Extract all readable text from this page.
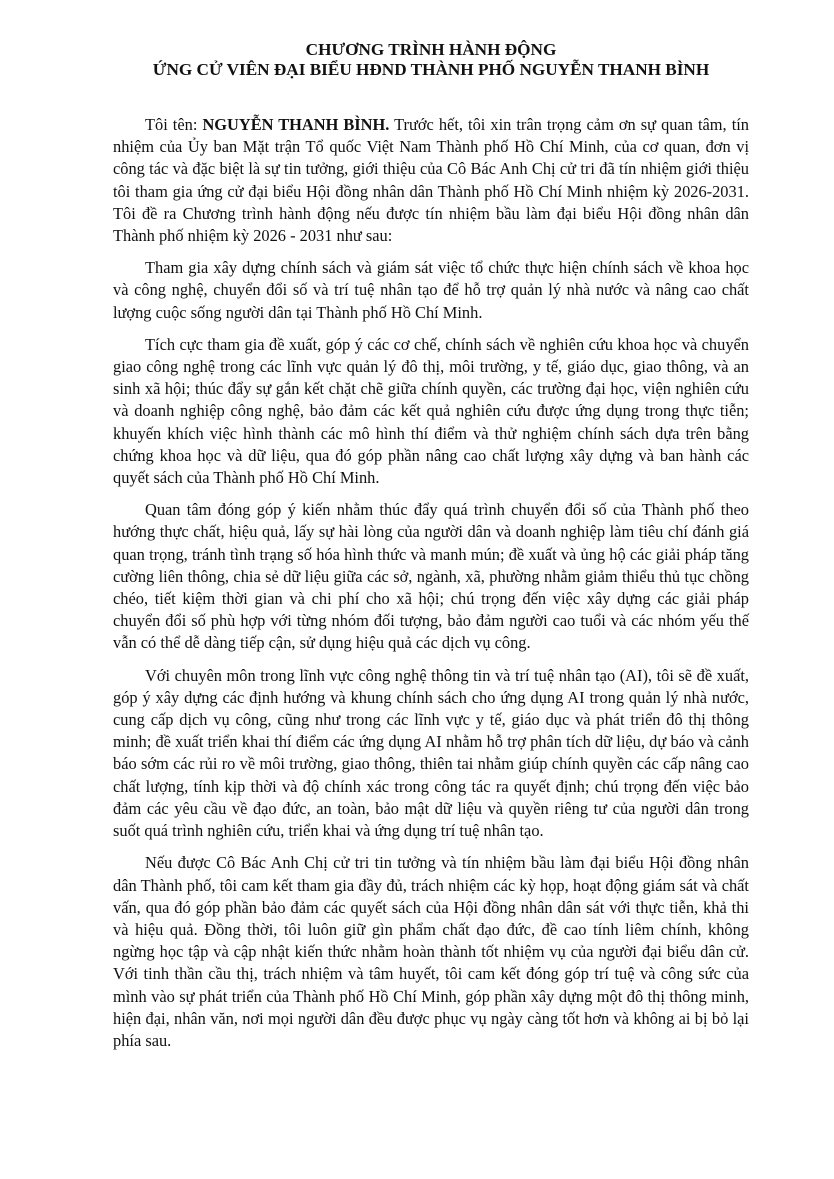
CHƯƠNG TRÌNH HÀNH ĐỘNG

ỨNG CỬ VIÊN ĐẠI BIỂU HĐND THÀNH PHỐ NGUYỄN THANH BÌNH

Tôi tên: NGUYỄN THANH BÌNH. Trước hết, tôi xin trân trọng cảm ơn sự quan tâm, tín nhiệm của Ủy ban Mặt trận Tổ quốc Việt Nam Thành phố Hồ Chí Minh, của cơ quan, đơn vị công tác và đặc biệt là sự tin tưởng, giới thiệu của Cô Bác Anh Chị cử tri đã tín nhiệm giới thiệu tôi tham gia ứng cử đại biểu Hội đồng nhân dân Thành phố Hồ Chí Minh nhiệm kỳ 2026-2031. Tôi đề ra Chương trình hành động nếu được tín nhiệm bầu làm đại biểu Hội đồng nhân dân Thành phố nhiệm kỳ 2026 - 2031 như sau:

Tham gia xây dựng chính sách và giám sát việc tổ chức thực hiện chính sách về khoa học và công nghệ, chuyển đổi số và trí tuệ nhân tạo để hỗ trợ quản lý nhà nước và nâng cao chất lượng cuộc sống người dân tại Thành phố Hồ Chí Minh.

Tích cực tham gia đề xuất, góp ý các cơ chế, chính sách về nghiên cứu khoa học và chuyển giao công nghệ trong các lĩnh vực quản lý đô thị, môi trường, y tế, giáo dục, giao thông, và an sinh xã hội; thúc đẩy sự gắn kết chặt chẽ giữa chính quyền, các trường đại học, viện nghiên cứu và doanh nghiệp công nghệ, bảo đảm các kết quả nghiên cứu được ứng dụng trong thực tiễn; khuyến khích việc hình thành các mô hình thí điểm và thử nghiệm chính sách dựa trên bằng chứng khoa học và dữ liệu, qua đó góp phần nâng cao chất lượng xây dựng và ban hành các quyết sách của Thành phố Hồ Chí Minh.

Quan tâm đóng góp ý kiến nhằm thúc đẩy quá trình chuyển đổi số của Thành phố theo hướng thực chất, hiệu quả, lấy sự hài lòng của người dân và doanh nghiệp làm tiêu chí đánh giá quan trọng, tránh tình trạng số hóa hình thức và manh mún; đề xuất và ủng hộ các giải pháp tăng cường liên thông, chia sẻ dữ liệu giữa các sở, ngành, xã, phường nhằm giảm thiểu thủ tục chồng chéo, tiết kiệm thời gian và chi phí cho xã hội; chú trọng đến việc xây dựng các giải pháp chuyển đổi số phù hợp với từng nhóm đối tượng, bảo đảm người cao tuổi và các nhóm yếu thế vẫn có thể dễ dàng tiếp cận, sử dụng hiệu quả các dịch vụ công.

Với chuyên môn trong lĩnh vực công nghệ thông tin và trí tuệ nhân tạo (AI), tôi sẽ đề xuất, góp ý xây dựng các định hướng và khung chính sách cho ứng dụng AI trong quản lý nhà nước, cung cấp dịch vụ công, cũng như trong các lĩnh vực y tế, giáo dục và phát triển đô thị thông minh; đề xuất triển khai thí điểm các ứng dụng AI nhằm hỗ trợ phân tích dữ liệu, dự báo và cảnh báo sớm các rủi ro về môi trường, giao thông, thiên tai nhằm giúp chính quyền các cấp nâng cao chất lượng, tính kịp thời và độ chính xác trong công tác ra quyết định; chú trọng đến việc bảo đảm các yêu cầu về đạo đức, an toàn, bảo mật dữ liệu và quyền riêng tư của người dân trong suốt quá trình nghiên cứu, triển khai và ứng dụng trí tuệ nhân tạo.

Nếu được Cô Bác Anh Chị cử tri tin tưởng và tín nhiệm bầu làm đại biểu Hội đồng nhân dân Thành phố, tôi cam kết tham gia đầy đủ, trách nhiệm các kỳ họp, hoạt động giám sát và chất vấn, qua đó góp phần bảo đảm các quyết sách của Hội đồng nhân dân sát với thực tiễn, khả thi và hiệu quả. Đồng thời, tôi luôn giữ gìn phẩm chất đạo đức, đề cao tính liêm chính, không ngừng học tập và cập nhật kiến thức nhằm hoàn thành tốt nhiệm vụ của người đại biểu dân cử. Với tinh thần cầu thị, trách nhiệm và tâm huyết, tôi cam kết đóng góp trí tuệ và công sức của mình vào sự phát triển của Thành phố Hồ Chí Minh, góp phần xây dựng một đô thị thông minh, hiện đại, nhân văn, nơi mọi người dân đều được phục vụ ngày càng tốt hơn và không ai bị bỏ lại phía sau.
